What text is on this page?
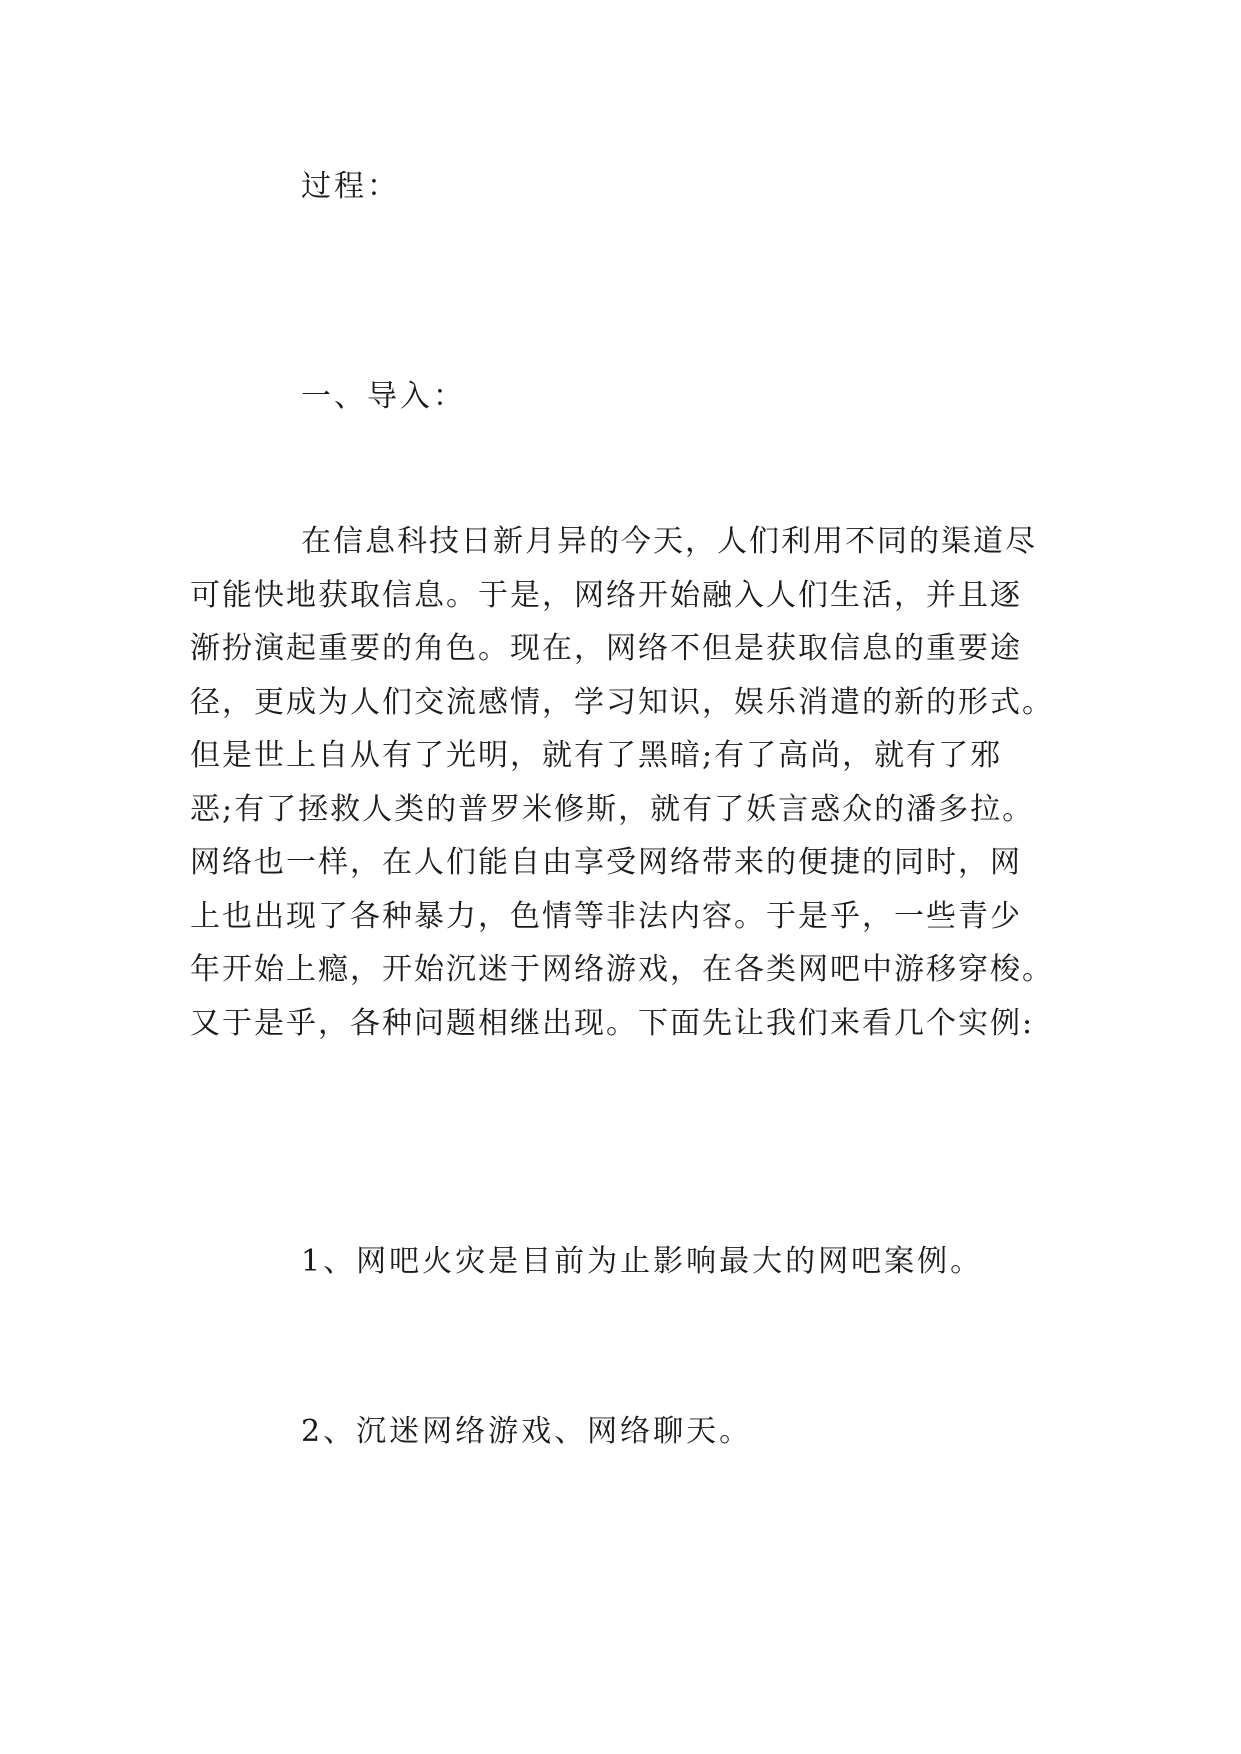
过程：
一、导入：
在信息科技日新月异的今天，人们利用不同的渠道尽
可能快地获取信息。于是，网络开始融入人们生活，并且逐
渐扮演起重要的角色。现在，网络不但是获取信息的重要途
径，更成为人们交流感情，学习知识，娱乐消遣的新的形式。
但是世上自从有了光明，就有了黑暗;有了高尚，就有了邪
恶;有了拯救人类的普罗米修斯，就有了妖言惑众的潘多拉。
网络也一样，在人们能自由享受网络带来的便捷的同时，网
上也出现了各种暴力，色情等非法内容。于是乎，一些青少
年开始上瘾，开始沉迷于网络游戏，在各类网吧中游移穿梭。
又于是乎，各种问题相继出现。下面先让我们来看几个实例:
1、网吧火灾是目前为止影响最大的网吧案例。
2、沉迷网络游戏、网络聊天。
